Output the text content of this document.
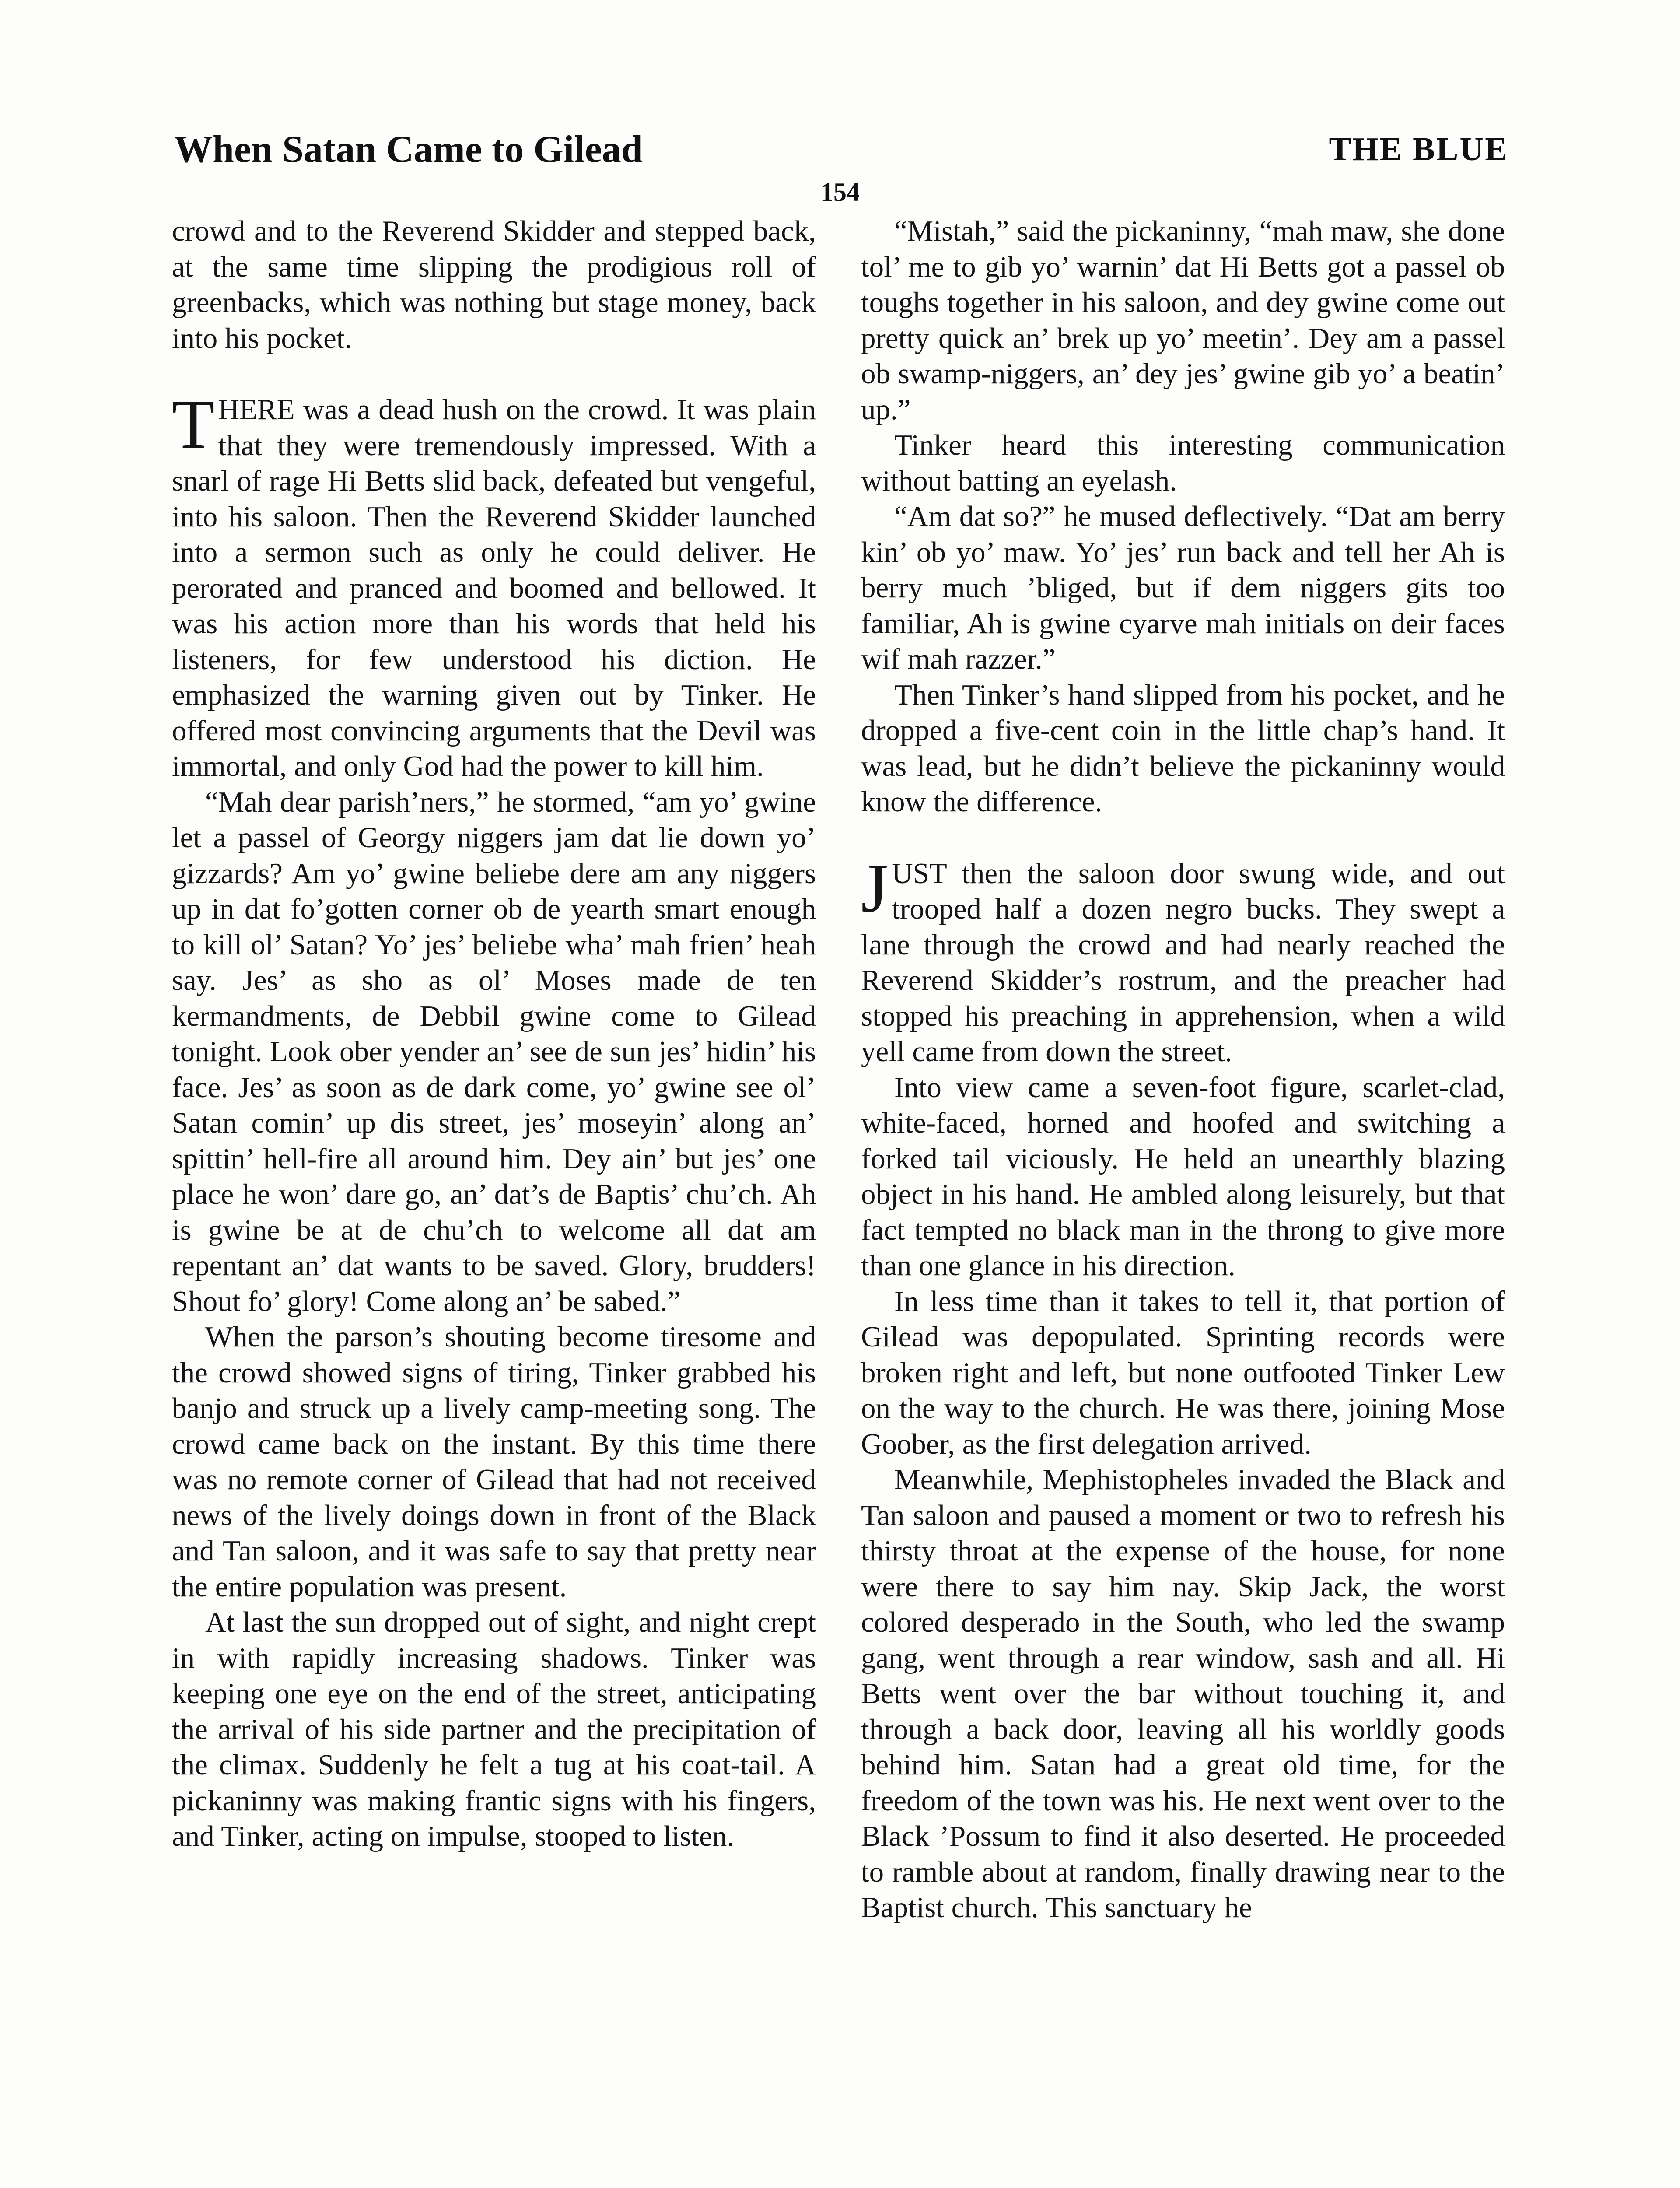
When Satan Came to Gilead	THE BLUE
154

crowd and to the Reverend Skidder and stepped back, at the same time slipping the prodigious roll of greenbacks, which was nothing but stage money, back into his pocket.

THERE was a dead hush on the crowd. It was plain that they were tremendously impressed. With a snarl of rage Hi Betts slid back, defeated but vengeful, into his saloon. Then the Reverend Skidder launched into a sermon such as only he could deliver. He perorated and pranced and boomed and bellowed. It was his action more than his words that held his listeners, for few understood his diction. He emphasized the warning given out by Tinker. He offered most convincing arguments that the Devil was immortal, and only God had the power to kill him.

“Mah dear parish’ners,” he stormed, “am yo’ gwine let a passel of Georgy niggers jam dat lie down yo’ gizzards? Am yo’ gwine beliebe dere am any niggers up in dat fo’gotten corner ob de yearth smart enough to kill ol’ Satan? Yo’ jes’ beliebe wha’ mah frien’ heah say. Jes’ as sho as ol’ Moses made de ten kermandments, de Debbil gwine come to Gilead tonight. Look ober yender an’ see de sun jes’ hidin’ his face. Jes’ as soon as de dark come, yo’ gwine see ol’ Satan comin’ up dis street, jes’ moseyin’ along an’ spittin’ hell-fire all around him. Dey ain’ but jes’ one place he won’ dare go, an’ dat’s de Baptis’ chu’ch. Ah is gwine be at de chu’ch to welcome all dat am repentant an’ dat wants to be saved. Glory, brudders! Shout fo’ glory! Come along an’ be sabed.”

When the parson’s shouting become tiresome and the crowd showed signs of tiring, Tinker grabbed his banjo and struck up a lively camp-meeting song. The crowd came back on the instant. By this time there was no remote corner of Gilead that had not received news of the lively doings down in front of the Black and Tan saloon, and it was safe to say that pretty near the entire population was present.

At last the sun dropped out of sight, and night crept in with rapidly increasing shadows. Tinker was keeping one eye on the end of the street, anticipating the arrival of his side partner and the precipitation of the climax. Suddenly he felt a tug at his coat-tail. A pickaninny was making frantic signs with his fingers, and Tinker, acting on impulse, stooped to listen.

“Mistah,” said the pickaninny, “mah maw, she done tol’ me to gib yo’ warnin’ dat Hi Betts got a passel ob toughs together in his saloon, and dey gwine come out pretty quick an’ brek up yo’ meetin’. Dey am a passel ob swamp-niggers, an’ dey jes’ gwine gib yo’ a beatin’ up.”

Tinker heard this interesting communication without batting an eyelash.

“Am dat so?” he mused deflectively. “Dat am berry kin’ ob yo’ maw. Yo’ jes’ run back and tell her Ah is berry much ’bliged, but if dem niggers gits too familiar, Ah is gwine cyarve mah initials on deir faces wif mah razzer.”

Then Tinker’s hand slipped from his pocket, and he dropped a five-cent coin in the little chap’s hand. It was lead, but he didn’t believe the pickaninny would know the difference.

JUST then the saloon door swung wide, and out trooped half a dozen negro bucks. They swept a lane through the crowd and had nearly reached the Reverend Skidder’s rostrum, and the preacher had stopped his preaching in apprehension, when a wild yell came from down the street.

Into view came a seven-foot figure, scarlet-clad, white-faced, horned and hoofed and switching a forked tail viciously. He held an unearthly blazing object in his hand. He ambled along leisurely, but that fact tempted no black man in the throng to give more than one glance in his direction.

In less time than it takes to tell it, that portion of Gilead was depopulated. Sprinting records were broken right and left, but none outfooted Tinker Lew on the way to the church. He was there, joining Mose Goober, as the first delegation arrived.

Meanwhile, Mephistopheles invaded the Black and Tan saloon and paused a moment or two to refresh his thirsty throat at the expense of the house, for none were there to say him nay. Skip Jack, the worst colored desperado in the South, who led the swamp gang, went through a rear window, sash and all. Hi Betts went over the bar without touching it, and through a back door, leaving all his worldly goods behind him. Satan had a great old time, for the freedom of the town was his. He next went over to the Black ’Possum to find it also deserted. He proceeded to ramble about at random, finally drawing near to the Baptist church. This sanctuary he
